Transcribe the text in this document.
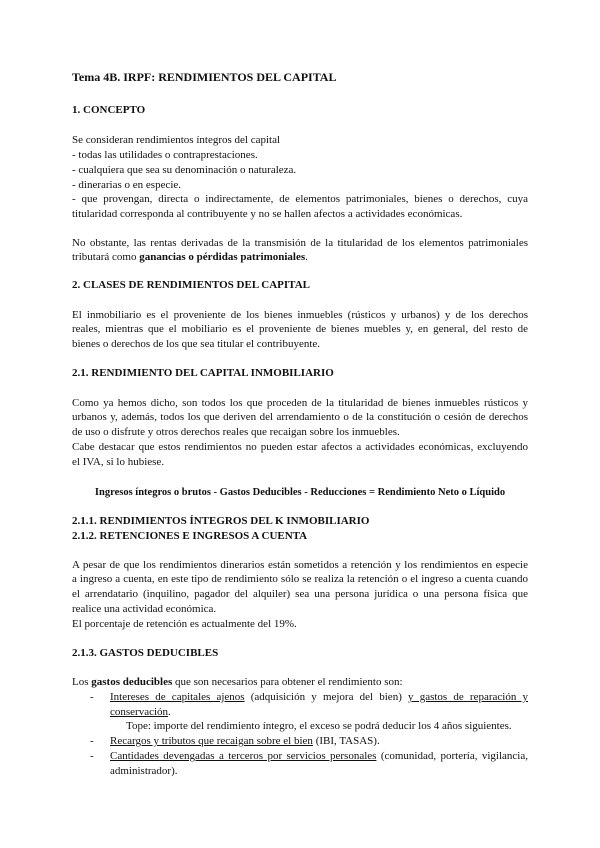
Tema 4B. IRPF: RENDIMIENTOS DEL CAPITAL
1. CONCEPTO
Se consideran rendimientos íntegros del capital
- todas las utilidades o contraprestaciones.
- cualquiera que sea su denominación o naturaleza.
- dinerarias o en especie.
- que provengan, directa o indirectamente, de elementos patrimoniales, bienes o derechos, cuya
titularidad corresponda al contribuyente y no se hallen afectos a actividades económicas.
No obstante, las rentas derivadas de la transmisión de la titularidad de los elementos patrimoniales
tributará como ganancias o pérdidas patrimoniales.
2. CLASES DE RENDIMIENTOS DEL CAPITAL
El inmobiliario es el proveniente de los bienes inmuebles (rústicos y urbanos) y de los derechos
reales, mientras que el mobiliario es el proveniente de bienes muebles y, en general, del resto de
bienes o derechos de los que sea titular el contribuyente.
2.1. RENDIMIENTO DEL CAPITAL INMOBILIARIO
Como ya hemos dicho, son todos los que proceden de la titularidad de bienes inmuebles rústicos y
urbanos y, además, todos los que deriven del arrendamiento o de la constitución o cesión de derechos
de uso o disfrute y otros derechos reales que recaigan sobre los inmuebles.
Cabe destacar que estos rendimientos no pueden estar afectos a actividades económicas, excluyendo
el IVA, si lo hubiese.
Ingresos íntegros o brutos - Gastos Deducibles - Reducciones = Rendimiento Neto o Líquido
2.1.1. RENDIMIENTOS ÍNTEGROS DEL K INMOBILIARIO
2.1.2. RETENCIONES E INGRESOS A CUENTA
A pesar de que los rendimientos dinerarios están sometidos a retención y los rendimientos en especie
a ingreso a cuenta, en este tipo de rendimiento sólo se realiza la retención o el ingreso a cuenta cuando
el arrendatario (inquilino, pagador del alquiler) sea una persona jurídica o una persona física que
realice una actividad económica.
El porcentaje de retención es actualmente del 19%.
2.1.3. GASTOS DEDUCIBLES
Los gastos deducibles que son necesarios para obtener el rendimiento son:
- Intereses de capitales ajenos (adquisición y mejora del bien) y gastos de reparación y
conservación.
Tope: importe del rendimiento íntegro, el exceso se podrá deducir los 4 años siguientes.
- Recargos y tributos que recaigan sobre el bien (IBI, TASAS).
- Cantidades devengadas a terceros por servicios personales (comunidad, portería, vigilancia,
administrador).
